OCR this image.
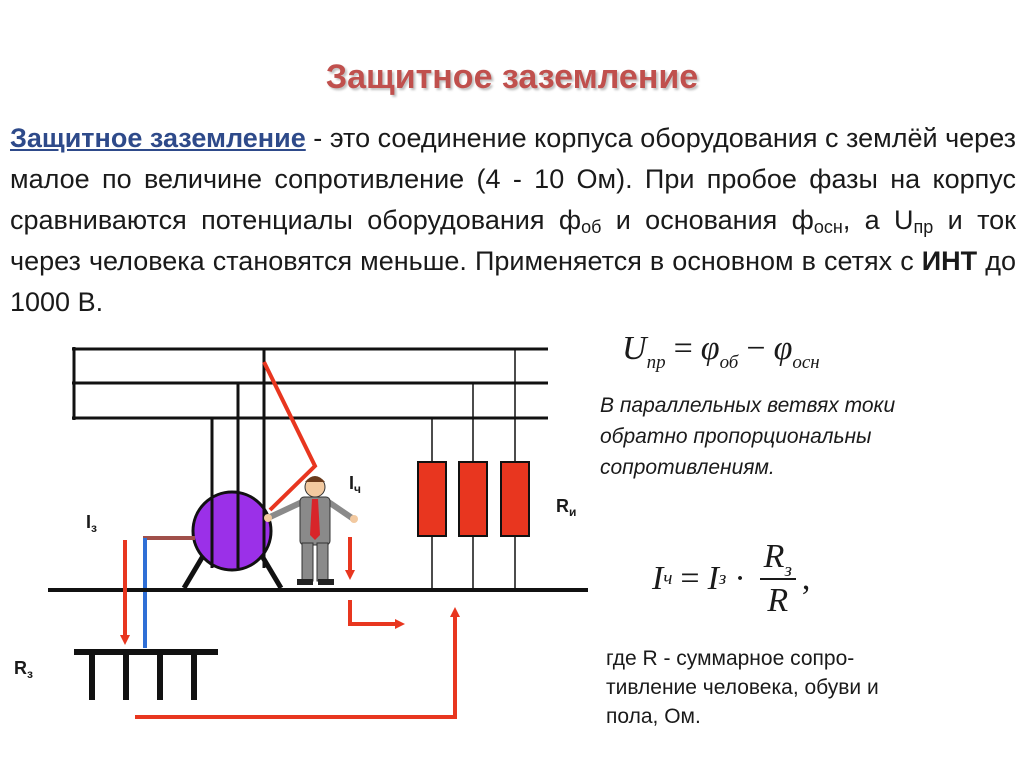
Защитное заземление
Защитное заземление - это соединение корпуса оборудования с землёй через малое по величине сопротивление (4 - 10 Ом). При пробое фазы на корпус сравниваются потенциалы оборудования $ф_{об}$ и основания $ф_{осн}$, а $U_{пр}$ и ток через человека становятся меньше. Применяется в основном в сетях с ИНТ до 1000 В.
$U_{пр} = \varphi_{об} - \varphi_{осн}$
В параллельных ветвях токи обратно пропорциональны сопротивлениям.
I ч = I $з \cdot \frac{R_з}{R}$ ,
где R - суммарное сопро-тивление человека, обуви и пола, Ом.
$I_ч$
$I_з$
$R_и$
$R_з$
